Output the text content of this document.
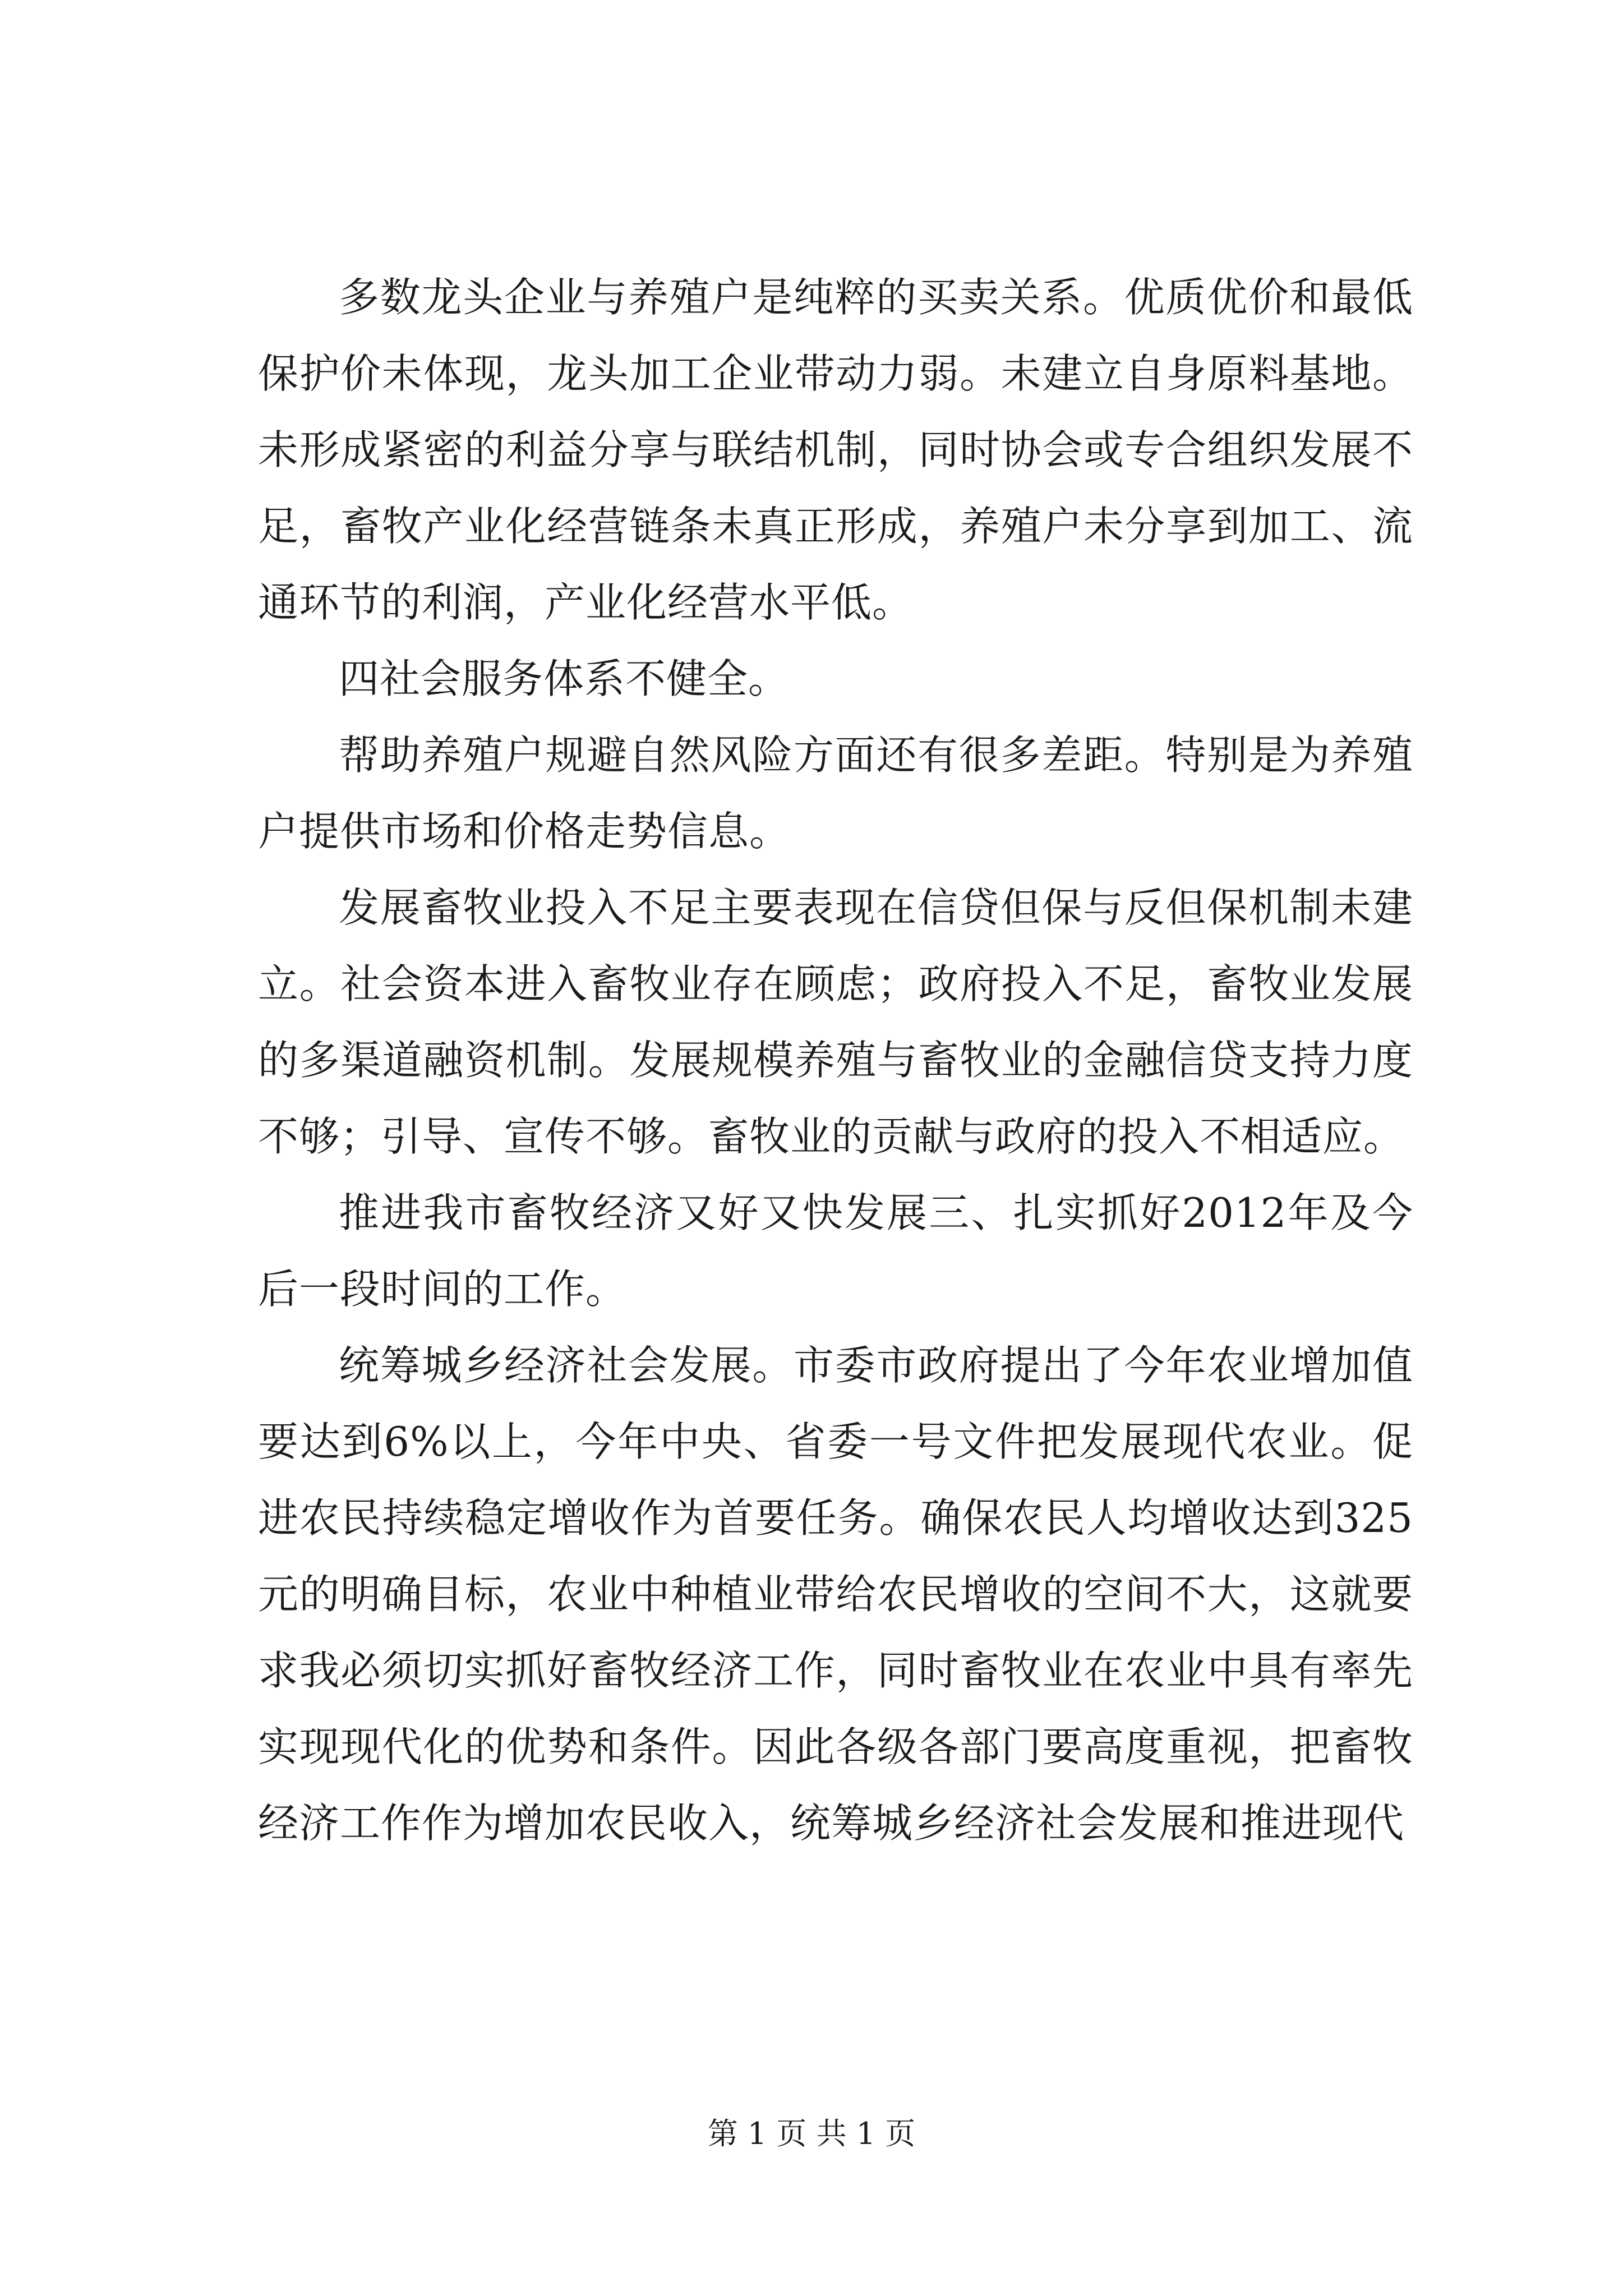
多数龙头企业与养殖户是纯粹的买卖关系。优质优价和最低保护价未体现，龙头加工企业带动力弱。未建立自身原料基地。未形成紧密的利益分享与联结机制，同时协会或专合组织发展不足，畜牧产业化经营链条未真正形成，养殖户未分享到加工、流通环节的利润，产业化经营水平低。

四社会服务体系不健全。

帮助养殖户规避自然风险方面还有很多差距。特别是为养殖户提供市场和价格走势信息。

发展畜牧业投入不足主要表现在信贷但保与反但保机制未建立。社会资本进入畜牧业存在顾虑；政府投入不足，畜牧业发展的多渠道融资机制。发展规模养殖与畜牧业的金融信贷支持力度不够；引导、宣传不够。畜牧业的贡献与政府的投入不相适应。

推进我市畜牧经济又好又快发展三、扎实抓好2012年及今后一段时间的工作。

统筹城乡经济社会发展。市委市政府提出了今年农业增加值要达到6%以上，今年中央、省委一号文件把发展现代农业。促进农民持续稳定增收作为首要任务。确保农民人均增收达到325元的明确目标，农业中种植业带给农民增收的空间不大，这就要求我必须切实抓好畜牧经济工作，同时畜牧业在农业中具有率先实现现代化的优势和条件。因此各级各部门要高度重视，把畜牧经济工作作为增加农民收入，统筹城乡经济社会发展和推进现代

第 1 页 共 1 页
